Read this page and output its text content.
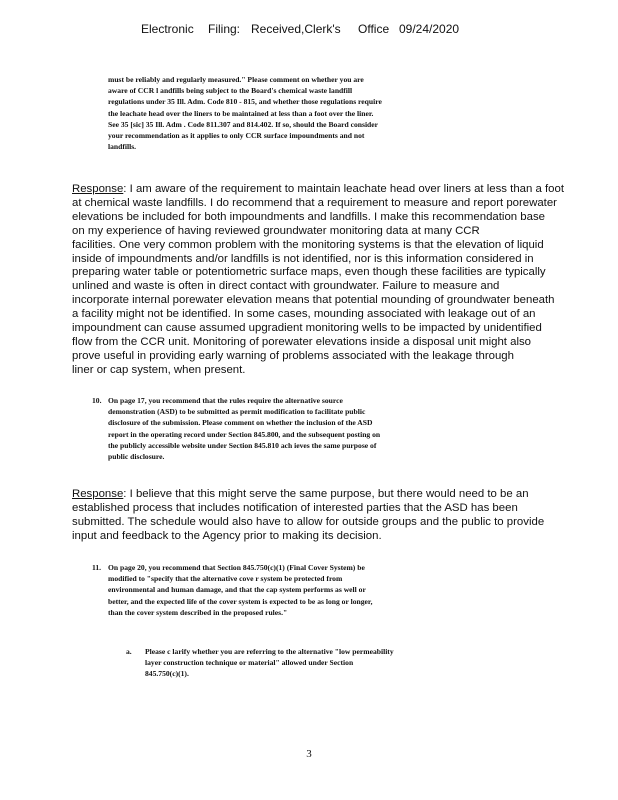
Electronic Filing: Received,Clerk's Office 09/24/2020

must be reliably and regularly measured." Please comment on whether you are

aware of CCR l andfills being subject to the Board's chemical waste landfill

regulations under 35 Ill. Adm. Code 810 - 815, and whether those regulations require

the leachate head over the liners to be maintained at less than a foot over the liner.

See 35 [sic] 35 Ill. Adm . Code 811.307 and 814.402. If so, should the Board consider

your recommendation as it applies to only CCR surface impoundments and not

landfills.

Response: I am aware of the requirement to maintain leachate head over liners at less than a foot

at chemical waste landfills. I do recommend that a requirement to measure and report porewater

elevations be included for both impoundments and landfills. I make this recommendation base

on my experience of having reviewed groundwater monitoring data at many CCR

facilities. One very common problem with the monitoring systems is that the elevation of liquid

inside of impoundments and/or landfills is not identified, nor is this information considered in

preparing water table or potentiometric surface maps, even though these facilities are typically

unlined and waste is often in direct contact with groundwater. Failure to measure and

incorporate internal porewater elevation means that potential mounding of groundwater beneath

a facility might not be identified. In some cases, mounding associated with leakage out of an

impoundment can cause assumed upgradient monitoring wells to be impacted by unidentified

flow from the CCR unit. Monitoring of porewater elevations inside a disposal unit might also

prove useful in providing early warning of problems associated with the leakage through

liner or cap system, when present.

10. On page 17, you recommend that the rules require the alternative source

demonstration (ASD) to be submitted as permit modification to facilitate public

disclosure of the submission. Please comment on whether the inclusion of the ASD

report in the operating record under Section 845.800, and the subsequent posting on

the publicly accessible website under Section 845.810 ach ieves the same purpose of

public disclosure.

Response: I believe that this might serve the same purpose, but there would need to be an

established process that includes notification of interested parties that the ASD has been

submitted. The schedule would also have to allow for outside groups and the public to provide

input and feedback to the Agency prior to making its decision.

11. On page 20, you recommend that Section 845.750(c)(1) (Final Cover System) be

modified to "specify that the alternative cove r system be protected from

environmental and human damage, and that the cap system performs as well or

better, and the expected life of the cover system is expected to be as long or longer,

than the cover system described in the proposed rules."

a. Please c larify whether you are referring to the alternative "low permeability

layer construction technique or material" allowed under Section

845.750(c)(1).

3
